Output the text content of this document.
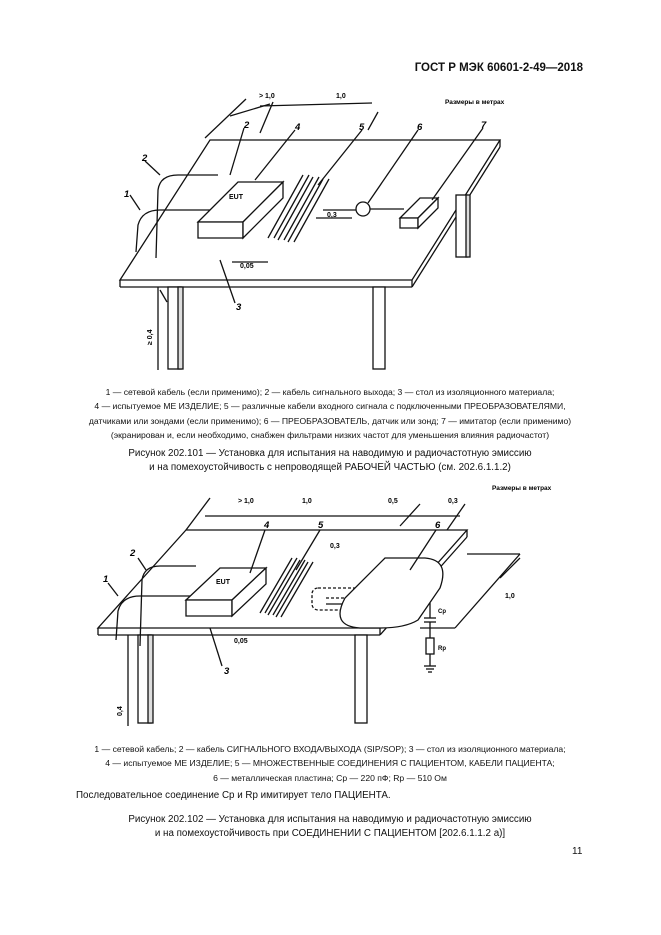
ГОСТ Р МЭК 60601-2-49—2018
Размеры в метрах
EUT
> 1,0	1,0
0,3
0,05
≥ 0,4
1
2
2
3
4	5	6	7
1 — сетевой кабель (если применимо); 2 — кабель сигнального выхода; 3 — стол из изоляционного материала;
4 — испытуемое МЕ ИЗДЕЛИЕ; 5 — различные кабели входного сигнала с подключенными ПРЕОБРАЗОВАТЕЛЯМИ,
датчиками или зондами (если применимо); 6 — ПРЕОБРАЗОВАТЕЛЬ, датчик или зонд; 7 — имитатор (если применимо)
(экранирован и, если необходимо, снабжен фильтрами низких частот для уменьшения влияния радиочастот)
Рисунок 202.101 — Установка для испытания на наводимую и радиочастотную эмиссию
и на помехоустойчивость с непроводящей РАБОЧЕЙ ЧАСТЬЮ (см. 202.6.1.1.2)
Размеры в метрах
EUT
> 1,0	1,0	0,5	0,3
0,3
1,0
0,05
0,4
Cp
Rp
1
2
3
4	5	6
1 — сетевой кабель; 2 — кабель СИГНАЛЬНОГО ВХОДА/ВЫХОДА (SIP/SOP); 3 — стол из изоляционного материала;
4 — испытуемое МЕ ИЗДЕЛИЕ; 5 — МНОЖЕСТВЕННЫЕ СОЕДИНЕНИЯ С ПАЦИЕНТОМ, КАБЕЛИ ПАЦИЕНТА;
6 — металлическая пластина; Cp — 220 пФ; Rp — 510 Ом
Последовательное соединение Cp и Rp имитирует тело ПАЦИЕНТА.
Рисунок 202.102 — Установка для испытания на наводимую и радиочастотную эмиссию
и на помехоустойчивость при СОЕДИНЕНИИ С ПАЦИЕНТОМ [202.6.1.1.2 а)]
11
